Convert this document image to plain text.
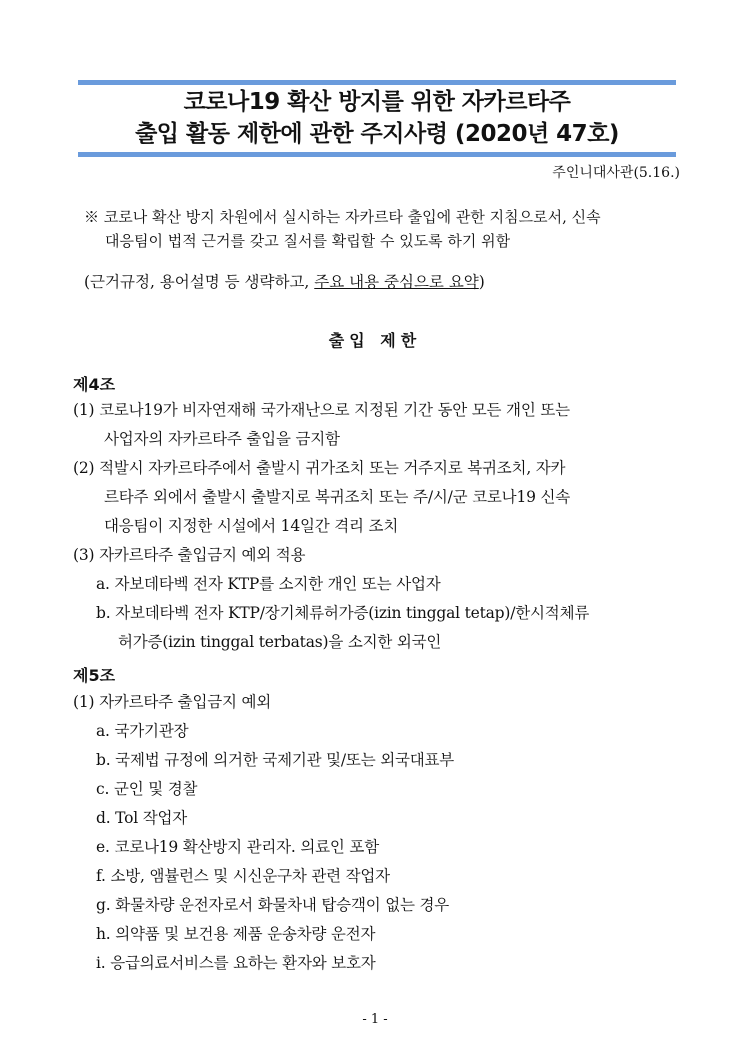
코로나19 확산 방지를 위한 자카르타주
출입 활동 제한에 관한 주지사령 (2020년 47호)
주인니대사관(5.16.)
※ 코로나 확산 방지 차원에서 실시하는 자카르타 출입에 관한 지침으로서, 신속
대응팀이 법적 근거를 갖고 질서를 확립할 수 있도록 하기 위함
(근거규정, 용어설명 등 생략하고, 주요 내용 중심으로 요약)
출입 제한
제4조
(1) 코로나19가 비자연재해 국가재난으로 지정된 기간 동안 모든 개인 또는
사업자의 자카르타주 출입을 금지함
(2) 적발시 자카르타주에서 출발시 귀가조치 또는 거주지로 복귀조치, 자카
르타주 외에서 출발시 출발지로 복귀조치 또는 주/시/군 코로나19 신속
대응팀이 지정한 시설에서 14일간 격리 조치
(3) 자카르타주 출입금지 예외 적용
a. 자보데타벡 전자 KTP를 소지한 개인 또는 사업자
b. 자보데타벡 전자 KTP/장기체류허가증(izin tinggal tetap)/한시적체류
허가증(izin tinggal terbatas)을 소지한 외국인
제5조
(1) 자카르타주 출입금지 예외
a. 국가기관장
b. 국제법 규정에 의거한 국제기관 및/또는 외국대표부
c. 군인 및 경찰
d. Tol 작업자
e. 코로나19 확산방지 관리자. 의료인 포함
f. 소방, 앰뷸런스 및 시신운구차 관련 작업자
g. 화물차량 운전자로서 화물차내 탑승객이 없는 경우
h. 의약품 및 보건용 제품 운송차량 운전자
i. 응급의료서비스를 요하는 환자와 보호자
- 1 -
